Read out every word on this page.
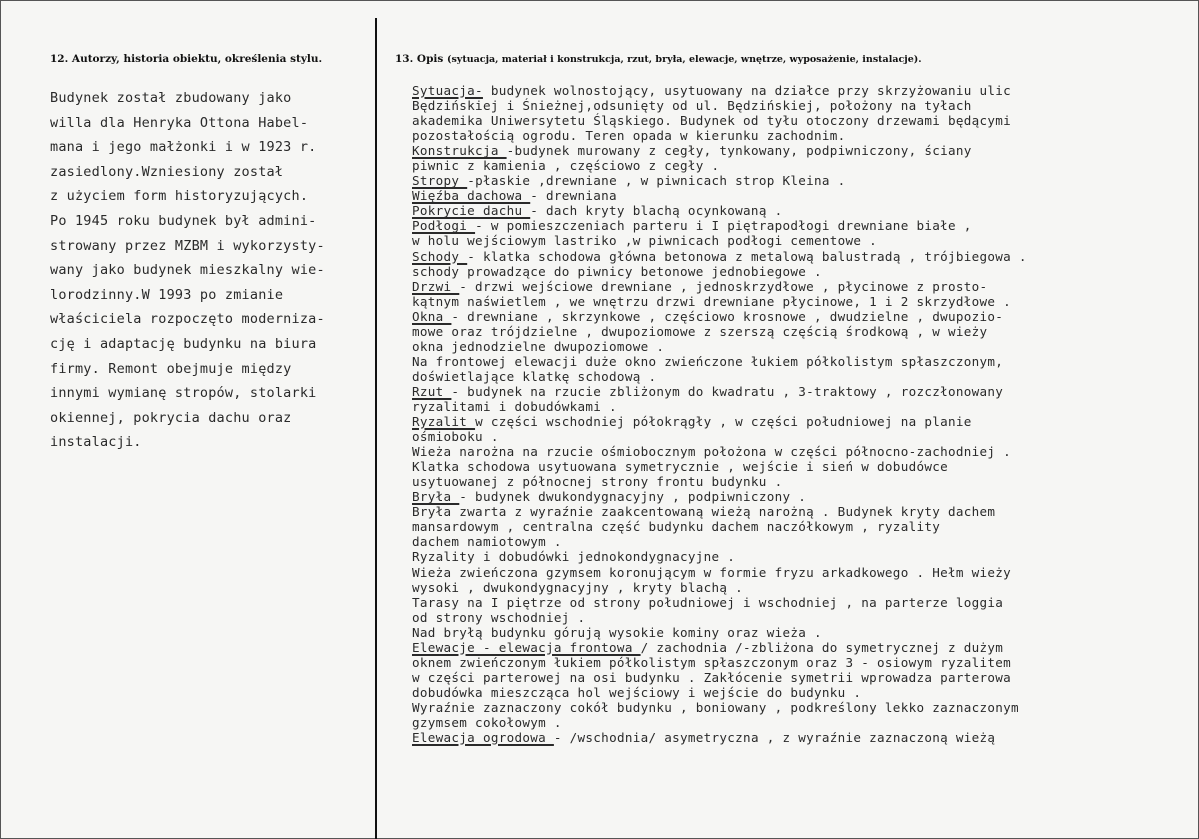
12. Autorzy, historia obiektu, określenia stylu.	13. Opis (sytuacja, materiał i konstrukcja, rzut, bryła, elewacje, wnętrze, wyposażenie, instalacje).
Budynek został zbudowany jako
willa dla Henryka Ottona Habel-
mana i jego małżonki i w 1923 r.
zasiedlony.Wzniesiony został
z użyciem form historyzujących.
Po 1945 roku budynek był admini-
strowany przez MZBM i wykorzysty-
wany jako budynek mieszkalny wie-
lorodzinny.W 1993 po zmianie
właściciela rozpoczęto moderniza-
cję i adaptację budynku na biura
firmy. Remont obejmuje między
innymi wymianę stropów, stolarki
okiennej, pokrycia dachu oraz
instalacji.
Sytuacja- budynek wolnostojący, usytuowany na działce przy skrzyżowaniu ulic
Będzińskiej i Śnieżnej,odsunięty od ul. Będzińskiej, położony na tyłach
akademika Uniwersytetu Śląskiego. Budynek od tyłu otoczony drzewami będącymi
pozostałością ogrodu. Teren opada w kierunku zachodnim.
Konstrukcja -budynek murowany z cegły, tynkowany, podpiwniczony, ściany
piwnic z kamienia , częściowo z cegły .
Stropy -płaskie ,drewniane , w piwnicach strop Kleina .
Więźba dachowa - drewniana
Pokrycie dachu - dach kryty blachą ocynkowaną .
Podłogi - w pomieszczeniach parteru i I piętrapodłogi drewniane białe ,
w holu wejściowym lastriko ,w piwnicach podłogi cementowe .
Schody - klatka schodowa główna betonowa z metalową balustradą , trójbiegowa .
schody prowadzące do piwnicy betonowe jednobiegowe .
Drzwi - drzwi wejściowe drewniane , jednoskrzydłowe , płycinowe z prosto-
kątnym naświetlem , we wnętrzu drzwi drewniane płycinowe, 1 i 2 skrzydłowe .
Okna - drewniane , skrzynkowe , częściowo krosnowe , dwudzielne , dwupozio-
mowe oraz trójdzielne , dwupoziomowe z szerszą częścią środkową , w wieży
okna jednodzielne dwupoziomowe .
Na frontowej elewacji duże okno zwieńczone łukiem półkolistym spłaszczonym,
doświetlające klatkę schodową .
Rzut - budynek na rzucie zbliżonym do kwadratu , 3-traktowy , rozczłonowany
ryzalitami i dobudówkami .
Ryzalit w części wschodniej półokrągły , w części południowej na planie
ośmioboku .
Wieża narożna na rzucie ośmiobocznym położona w części północno-zachodniej .
Klatka schodowa usytuowana symetrycznie , wejście i sień w dobudówce
usytuowanej z północnej strony frontu budynku .
Bryła - budynek dwukondygnacyjny , podpiwniczony .
Bryła zwarta z wyraźnie zaakcentowaną wieżą narożną . Budynek kryty dachem
mansardowym , centralna część budynku dachem naczółkowym , ryzality
dachem namiotowym .
Ryzality i dobudówki jednokondygnacyjne .
Wieża zwieńczona gzymsem koronującym w formie fryzu arkadkowego . Hełm wieży
wysoki , dwukondygnacyjny , kryty blachą .
Tarasy na I piętrze od strony południowej i wschodniej , na parterze loggia
od strony wschodniej .
Nad bryłą budynku górują wysokie kominy oraz wieża .
Elewacje - elewacja frontowa / zachodnia /-zbliżona do symetrycznej z dużym
oknem zwieńczonym łukiem półkolistym spłaszczonym oraz 3 - osiowym ryzalitem
w części parterowej na osi budynku . Zakłócenie symetrii wprowadza parterowa
dobudówka mieszcząca hol wejściowy i wejście do budynku .
Wyraźnie zaznaczony cokół budynku , boniowany , podkreślony lekko zaznaczonym
gzymsem cokołowym .
Elewacja ogrodowa - /wschodnia/ asymetryczna , z wyraźnie zaznaczoną wieżą
